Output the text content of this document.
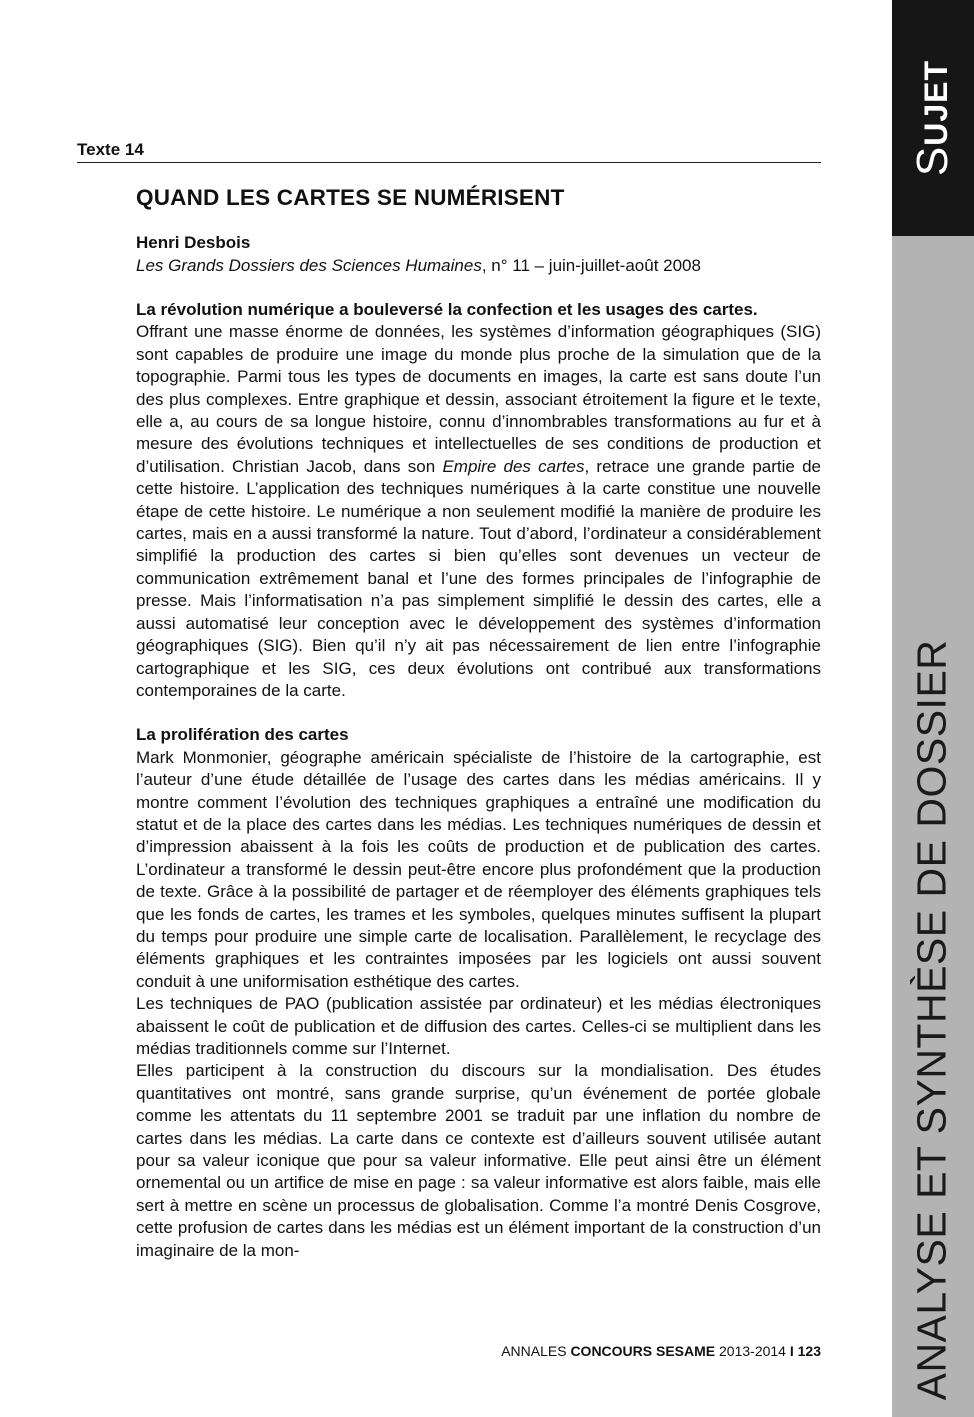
SUJET
ANALYSE ET SYNTHÈSE DE DOSSIER
Texte 14
QUAND LES CARTES SE NUMÉRISENT

Henri Desbois

Les Grands Dossiers des Sciences Humaines, n° 11 – juin-juillet-août 2008

La révolution numérique a bouleversé la confection et les usages des cartes.

Offrant une masse énorme de données, les systèmes d’information géographiques (SIG) sont capables de produire une image du monde plus proche de la simulation que de la topographie. Parmi tous les types de documents en images, la carte est sans doute l’un des plus complexes. Entre graphique et dessin, associant étroitement la figure et le texte, elle a, au cours de sa longue histoire, connu d’innombrables transformations au fur et à mesure des évolutions techniques et intellectuelles de ses conditions de production et d’utilisation. Christian Jacob, dans son Empire des cartes, retrace une grande partie de cette histoire. L’application des techniques numériques à la carte constitue une nouvelle étape de cette histoire. Le numérique a non seulement modifié la manière de produire les cartes, mais en a aussi transformé la nature. Tout d’abord, l’ordinateur a considérablement simplifié la production des cartes si bien qu’elles sont devenues un vecteur de communication extrêmement banal et l’une des formes principales de l’infographie de presse. Mais l’informatisation n’a pas simplement simplifié le dessin des cartes, elle a aussi automatisé leur conception avec le développement des systèmes d’information géographiques (SIG). Bien qu’il n’y ait pas nécessairement de lien entre l’infographie cartographique et les SIG, ces deux évolutions ont contribué aux transformations contemporaines de la carte.

La prolifération des cartes

Mark Monmonier, géographe américain spécialiste de l’histoire de la cartographie, est l’auteur d’une étude détaillée de l’usage des cartes dans les médias américains. Il y montre comment l’évolution des techniques graphiques a entraîné une modification du statut et de la place des cartes dans les médias. Les techniques numériques de dessin et d’impression abaissent à la fois les coûts de production et de publication des cartes. L’ordinateur a transformé le dessin peut-être encore plus profondément que la production de texte. Grâce à la possibilité de partager et de réemployer des éléments graphiques tels que les fonds de cartes, les trames et les symboles, quelques minutes suffisent la plupart du temps pour produire une simple carte de localisation. Parallèlement, le recyclage des éléments graphiques et les contraintes imposées par les logiciels ont aussi souvent conduit à une uniformisation esthétique des cartes.

Les techniques de PAO (publication assistée par ordinateur) et les médias électroniques abaissent le coût de publication et de diffusion des cartes. Celles-ci se multiplient dans les médias traditionnels comme sur l’Internet.

Elles participent à la construction du discours sur la mondialisation. Des études quantitatives ont montré, sans grande surprise, qu’un événement de portée globale comme les attentats du 11 septembre 2001 se traduit par une inflation du nombre de cartes dans les médias. La carte dans ce contexte est d’ailleurs souvent utilisée autant pour sa valeur iconique que pour sa valeur informative. Elle peut ainsi être un élément ornemental ou un artifice de mise en page : sa valeur informative est alors faible, mais elle sert à mettre en scène un processus de globalisation. Comme l’a montré Denis Cosgrove, cette profusion de cartes dans les médias est un élément important de la construction d’un imaginaire de la mon-

ANNALES CONCOURS SESAME 2013-2014 I 123
